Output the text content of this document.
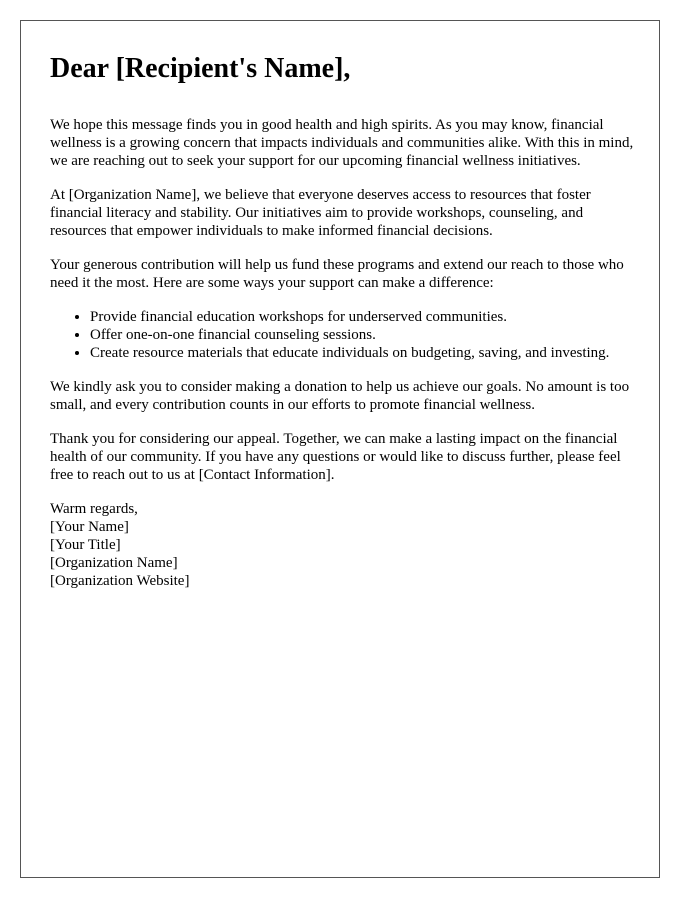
Dear [Recipient's Name],

We hope this message finds you in good health and high spirits. As you may know, financial wellness is a growing concern that impacts individuals and communities alike. With this in mind, we are reaching out to seek your support for our upcoming financial wellness initiatives.

At [Organization Name], we believe that everyone deserves access to resources that foster financial literacy and stability. Our initiatives aim to provide workshops, counseling, and resources that empower individuals to make informed financial decisions.

Your generous contribution will help us fund these programs and extend our reach to those who need it the most. Here are some ways your support can make a difference:

• Provide financial education workshops for underserved communities.
• Offer one-on-one financial counseling sessions.
• Create resource materials that educate individuals on budgeting, saving, and investing.

We kindly ask you to consider making a donation to help us achieve our goals. No amount is too small, and every contribution counts in our efforts to promote financial wellness.

Thank you for considering our appeal. Together, we can make a lasting impact on the financial health of our community. If you have any questions or would like to discuss further, please feel free to reach out to us at [Contact Information].

Warm regards,
[Your Name]
[Your Title]
[Organization Name]
[Organization Website]
